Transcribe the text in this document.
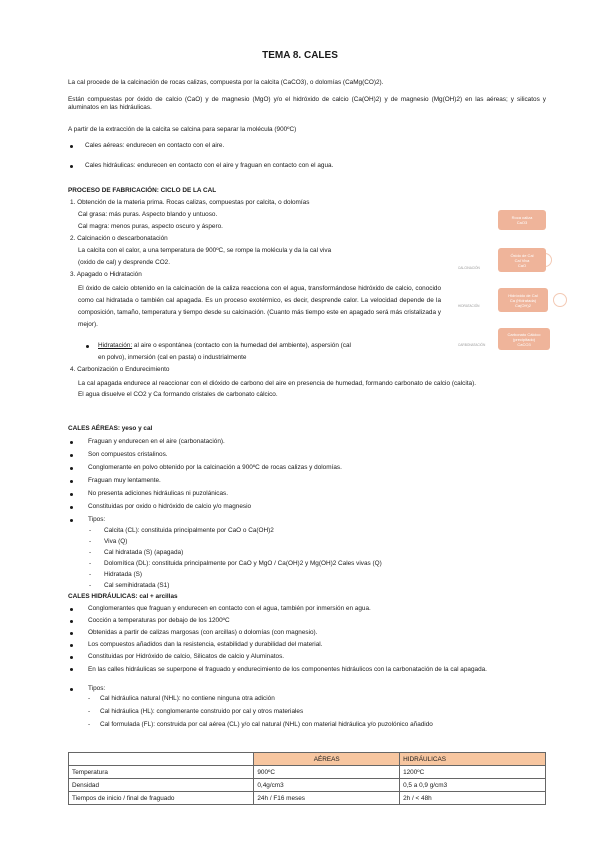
TEMA 8. CALES
La cal procede de la calcinación de rocas calizas, compuesta por la calcita (CaCO3), o dolomías (CaMg(CO)2).
Están compuestas por óxido de calcio (CaO) y de magnesio (MgO) y/o el hidróxido de calcio (Ca(OH)2) y de magnesio (Mg(OH)2) en las aéreas; y silicatos y aluminatos en las hidráulicas.
A partir de la extracción de la calcita se calcina para separar la molécula (900ºC)
Cales aéreas: endurecen en contacto con el aire.
Cales hidráulicas: endurecen en contacto con el aire y fraguan en contacto con el agua.
PROCESO DE FABRICACIÓN: CICLO DE LA CAL
1. Obtención de la materia prima. Rocas calizas, compuestas por calcita, o dolomías
Cal grasa: más puras. Aspecto blando y untuoso.
Cal magra: menos puras, aspecto oscuro y áspero.
2. Calcinación o descarbonatación
La calcita con el calor, a una temperatura de 900ºC, se rompe la molécula y da la cal viva
(oxido de cal) y desprende CO2.
3. Apagado o Hidratación
El óxido de calcio obtenido en la calcinación de la caliza reacciona con el agua, transformándose hidróxido de calcio, conocido como cal hidratada o también cal apagada. Es un proceso exotérmico, es decir, desprende calor. La velocidad depende de la composición, tamaño, temperatura y tiempo desde su calcinación. (Cuanto más tiempo este en apagado será más cristalizada y mejor).
Hidratación: al aire o espontánea (contacto con la humedad del ambiente), aspersión (cal
en polvo), inmersión (cal en pasta) o industrialmente
4. Carbonización o Endurecimiento
La cal apagada endurece al reaccionar con el dióxido de carbono del aire en presencia de humedad, formando carbonato de calcio (calcita). El agua disuelve el CO2 y Ca formando cristales de carbonato cálcico.
Roca caliza
CaO3
CALCINACIÓN
Óxido de Cal
Cal Viva
CaO
HIDRATACIÓN
Hidróxido de Cal
Ca (Hidratada)
Ca(OH)2
CARBONATACIÓN
Carbonato Cálcico
(precipitado)
CaCO3
CALES AÉREAS: yeso y cal
Fraguan y endurecen en el aire (carbonatación).
Son compuestos cristalinos.
Conglomerante en polvo obtenido por la calcinación a 900ºC de rocas calizas y dolomías.
Fraguan muy lentamente.
No presenta adiciones hidráulicas ni puzolánicas.
Constituidas por oxido o hidróxido de calcio y/o magnesio
Tipos:
- Calcita (CL): constituida principalmente por CaO o Ca(OH)2
- Viva (Q)
- Cal hidratada (S) (apagada)
- Dolomítica (DL): constituida principalmente por CaO y MgO / Ca(OH)2 y Mg(OH)2 Cales vivas (Q)
- Hidratada (S)
- Cal semihidratada (S1)
CALES HIDRÁULICAS: cal + arcillas
Conglomerantes que fraguan y endurecen en contacto con el agua, también por inmersión en agua.
Cocción a temperaturas por debajo de los 1200ºC
Obtenidas a partir de calizas margosas (con arcillas) o dolomías (con magnesio).
Los compuestos añadidos dan la resistencia, estabilidad y durabilidad del material.
Constituidas por Hidróxido de calcio, Silicatos de calcio y Aluminatos.
En las calles hidráulicas se superpone el fraguado y endurecimiento de los componentes hidráulicos con la carbonatación de la cal apagada.
Tipos:
- Cal hidráulica natural (NHL): no contiene ninguna otra adición
- Cal hidráulica (HL): conglomerante construido por cal y otros materiales
- Cal formulada (FL): construida por cal aérea (CL) y/o cal natural (NHL) con material hidráulica y/o puzolónico añadido
	AÉREAS	HIDRÁULICAS
Temperatura	900ºC	1200ºC
Densidad	0,4g/cm3	0,5 a 0,9 g/cm3
Tiempos de inicio / final de fraguado	24h / F16 meses	2h / < 48h
